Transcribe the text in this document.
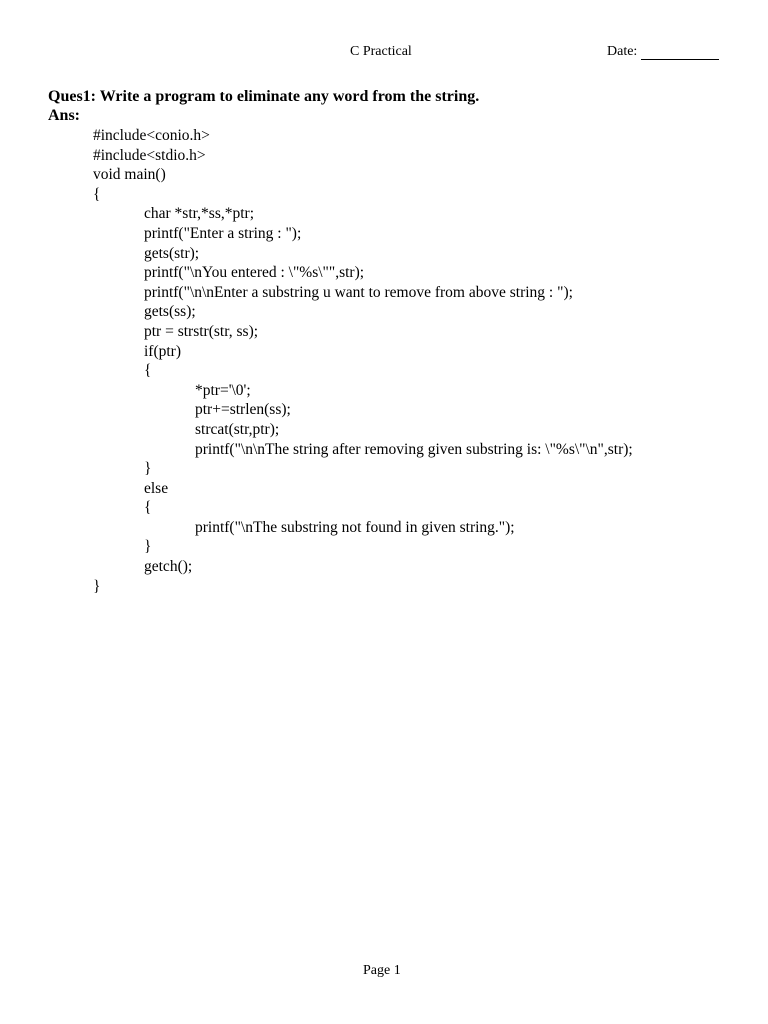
C Practical	Date:
Ques1: Write a program to eliminate any word from the string.
Ans:
#include<conio.h>
#include<stdio.h>
void main()
{
char *str,*ss,*ptr;
printf("Enter a string : ");
gets(str);
printf("\nYou entered : \"%s\"",str);
printf("\n\nEnter a substring u want to remove from above string : ");
gets(ss);
ptr = strstr(str, ss);
if(ptr)
{
*ptr='\0';
ptr+=strlen(ss);
strcat(str,ptr);
printf("\n\nThe string after removing given substring is: \"%s\"\n",str);
}
else
{
printf("\nThe substring not found in given string.");
}
getch();
}
Page 1
